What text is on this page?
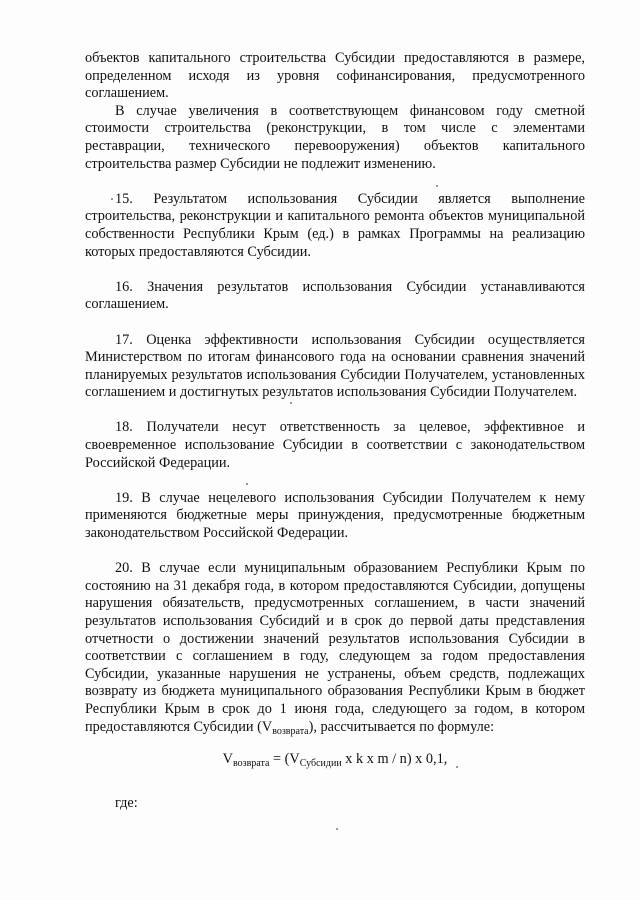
объектов капитального строительства Субсидии предоставляются в размере, определенном исходя из уровня софинансирования, предусмотренного соглашением.

В случае увеличения в соответствующем финансовом году сметной стоимости строительства (реконструкции, в том числе с элементами реставрации, технического перевооружения) объектов капитального строительства размер Субсидии не подлежит изменению.

15. Результатом использования Субсидии является выполнение строительства, реконструкции и капитального ремонта объектов муниципальной собственности Республики Крым (ед.) в рамках Программы на реализацию которых предоставляются Субсидии.

16. Значения результатов использования Субсидии устанавливаются соглашением.

17. Оценка эффективности использования Субсидии осуществляется Министерством по итогам финансового года на основании сравнения значений планируемых результатов использования Субсидии Получателем, установленных соглашением и достигнутых результатов использования Субсидии Получателем.

18. Получатели несут ответственность за целевое, эффективное и своевременное использование Субсидии в соответствии с законодательством Российской Федерации.

19. В случае нецелевого использования Субсидии Получателем к нему применяются бюджетные меры принуждения, предусмотренные бюджетным законодательством Российской Федерации.

20. В случае если муниципальным образованием Республики Крым по состоянию на 31 декабря года, в котором предоставляются Субсидии, допущены нарушения обязательств, предусмотренных соглашением, в части значений результатов использования Субсидий и в срок до первой даты представления отчетности о достижении значений результатов использования Субсидии в соответствии с соглашением в году, следующем за годом предоставления Субсидии, указанные нарушения не устранены, объем средств, подлежащих возврату из бюджета муниципального образования Республики Крым в бюджет Республики Крым в срок до 1 июня года, следующего за годом, в котором предоставляются Субсидии $(V_{возврата})$, рассчитывается по формуле:

$V_{возврата} = (V_{Субсидии}$ x k x m / n) x 0,1,

где:
